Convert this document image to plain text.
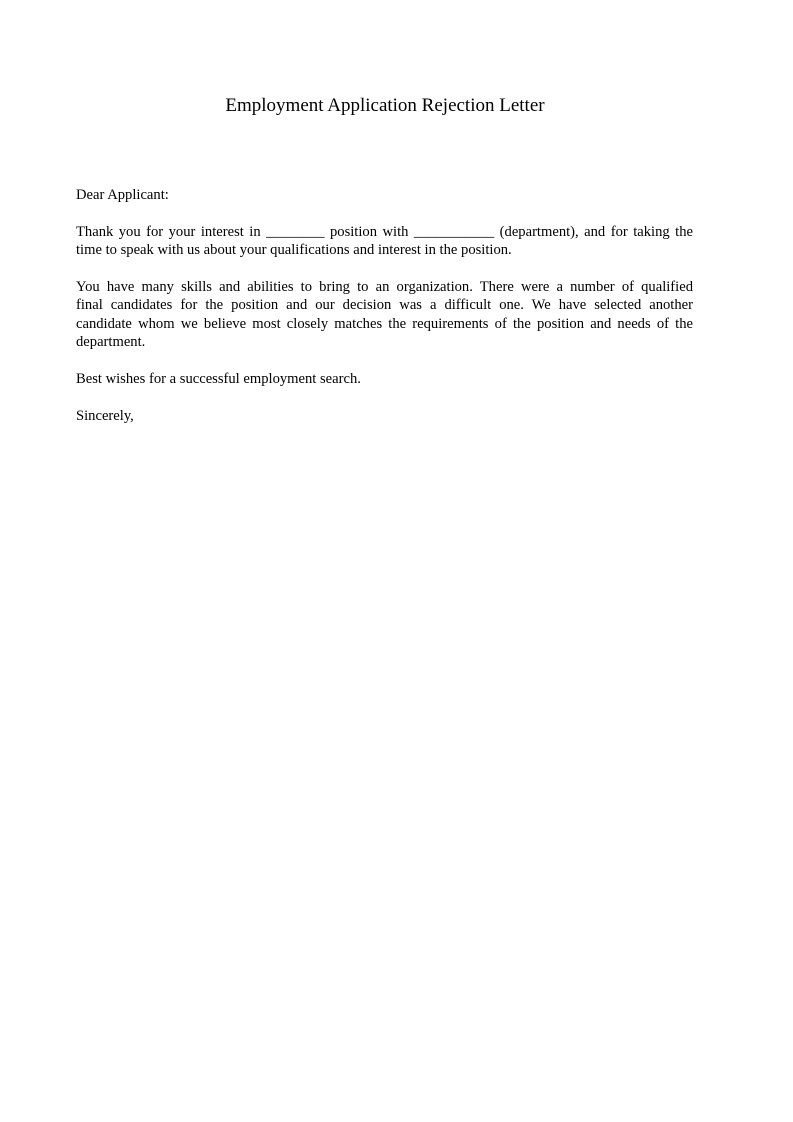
Employment Application Rejection Letter

Dear Applicant:

Thank you for your interest in ________ position with ___________ (department), and for taking the
time to speak with us about your qualifications and interest in the position.

You have many skills and abilities to bring to an organization. There were a number of qualified
final candidates for the position and our decision was a difficult one. We have selected another
candidate whom we believe most closely matches the requirements of the position and needs of the
department.

Best wishes for a successful employment search.

Sincerely,
